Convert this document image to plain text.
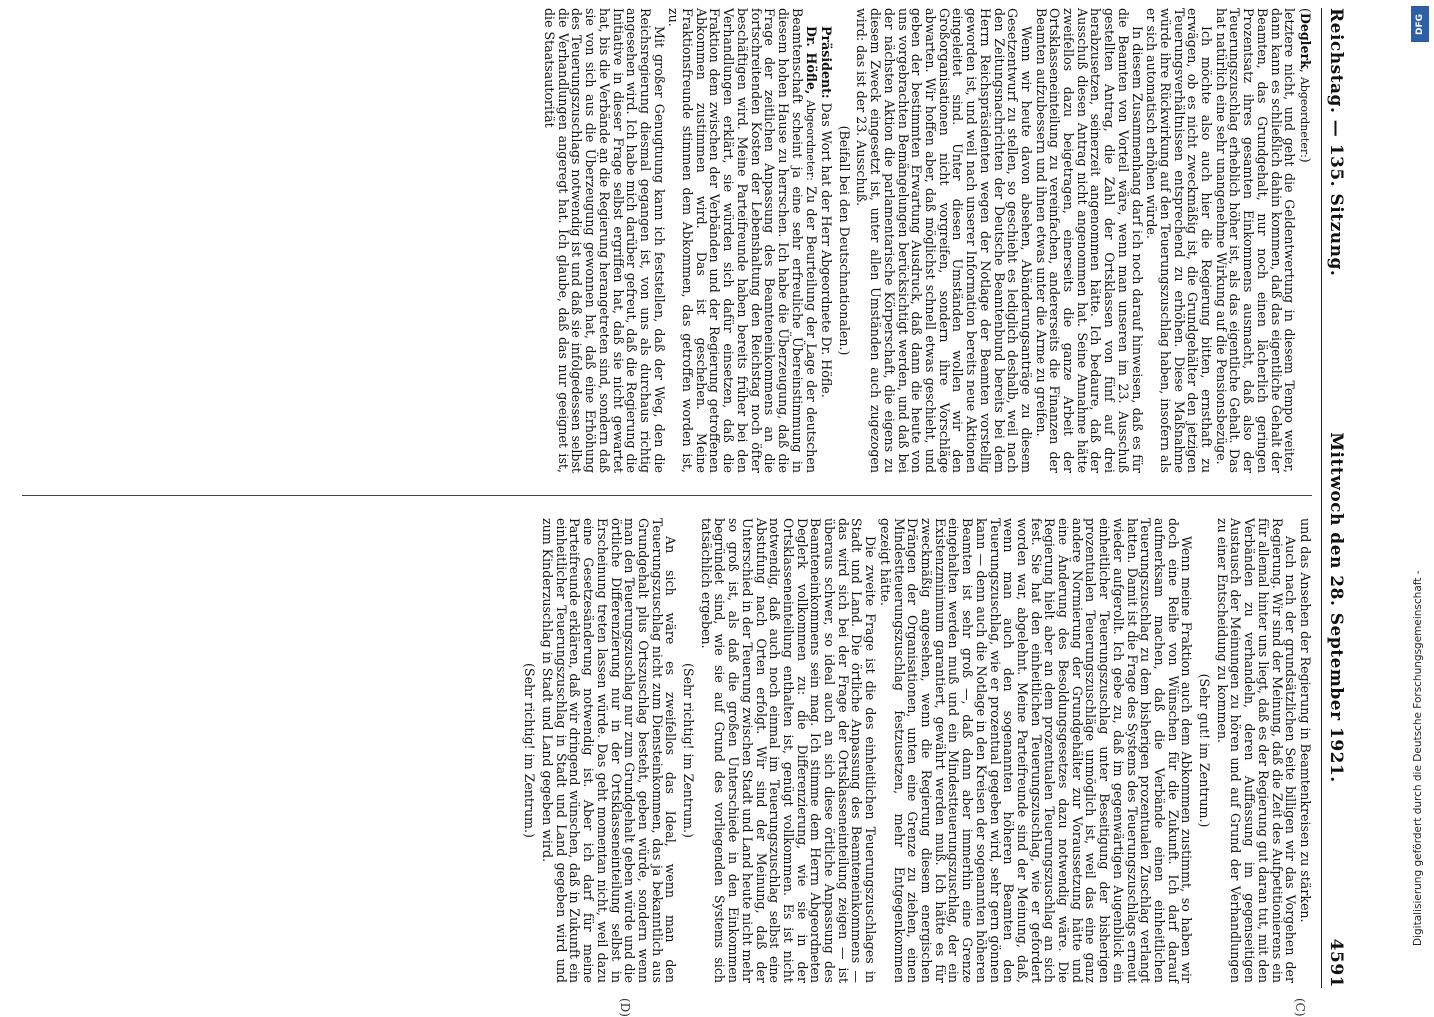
Reichstag. — 135. Sitzung.
Mittwoch den 28. September 1921.
4591

(Deglerk, Abgeordneter:)

letztere nicht, und geht die Geldentwertung in diesem Tempo weiter, dann kann es schließlich dahin kommen, daß das eigentliche Gehalt der Beamten, das Grundgehalt, nur noch einen lächerlich geringen Prozentsatz ihres gesamten Einkommens ausmacht, daß also der Teuerungszuschlag erheblich höher ist, als das eigentliche Gehalt. Das hat natürlich eine sehr unangenehme Wirkung auf die Pensionsbezüge.

Ich möchte also auch hier die Regierung bitten, ernsthaft zu erwägen, ob es nicht zweckmäßig ist, die Grundgehälter den jetzigen Teuerungsverhältnissen entsprechend zu erhöhen. Diese Maßnahme würde ihre Rückwirkung auf den Teuerungszuschlag haben, insofern als er sich automatisch erhöhen würde.

In diesem Zusammenhang darf ich noch darauf hinweisen, daß es für die Beamten von Vorteil wäre, wenn man unseren im 23. Ausschuß gestellten Antrag, die Zahl der Ortsklassen von fünf auf drei herabzusetzen, seinerzeit angenommen hätte. Ich bedaure, daß der Ausschuß diesen Antrag nicht angenommen hat. Seine Annahme hätte zweifellos dazu beigetragen, einerseits die ganze Arbeit der Ortsklasseneinteilung zu vereinfachen, andererseits die Finanzen der Beamten aufzubessern und ihnen etwas unter die Arme zu greifen.

Wenn wir heute davon absehen, Abänderungsanträge zu diesem Gesetzentwurf zu stellen, so geschieht es lediglich deshalb, weil nach den Zeitungsnachrichten der Deutsche Beamtenbund bereits bei dem Herrn Reichspräsidenten wegen der Notlage der Beamten vorstellig geworden ist, und weil nach unserer Information bereits neue Aktionen eingeleitet sind. Unter diesen Umständen wollen wir den Großorganisationen nicht vorgreifen, sondern ihre Vorschläge abwarten. Wir hoffen aber, daß möglichst schnell etwas geschieht, und geben der bestimmten Erwartung Ausdruck, daß dann die heute von uns vorgebrachten Bemängelungen berücksichtigt werden, und daß bei der nächsten Aktion die parlamentarische Körperschaft, die eigens zu diesem Zweck eingesetzt ist, unter allen Umständen auch zugezogen wird: das ist der 23. Ausschuß.

(Beifall bei den Deutschnationalen.)

Präsident: Das Wort hat der Herr Abgeordnete Dr. Höfle.

Dr. Höfle, Abgeordneter: Zu der Beurteilung der Lage der deutschen Beamtenschaft scheint ja eine sehr erfreuliche Übereinstimmung in diesem hohen Hause zu herrschen. Ich habe die Überzeugung, daß die Frage der zeitlichen Anpassung des Beamteneinkommens an die fortschreitenden Kosten der Lebenshaltung den Reichstag noch öfter beschäftigen wird. Meine Parteifreunde haben bereits früher bei den Verhandlungen erklärt, sie würden sich dafür einsetzen, daß die Fraktion dem zwischen der Verbänden und der Regierung getroffenen Abkommen zustimmen wird. Das ist geschehen. Meine Fraktionsfreunde stimmen dem Abkommen, das getroffen worden ist, zu.

Mit großer Genugtuung kann ich feststellen, daß der Weg, den die Reichsregierung diesmal gegangen ist, von uns als durchaus richtig angesehen wird. Ich habe mich darüber gefreut, daß die Regierung die Initiative in dieser Frage selbst ergriffen hat, daß sie nicht gewartet hat, bis die Verbände an die Regierung herangetreten sind, sondern daß sie von sich aus die Überzeugung gewonnen hat, daß eine Erhöhung des Teuerungszuschlags notwendig ist und daß sie infolgedessen selbst die Verhandlungen angeregt hat. Ich glaube, daß das nur geeignet ist, die Staatsautorität

und das Ansehen der Regierung in Beamtenkreisen zu stärken.

Auch nach der grundsätzlichen Seite billigen wir das Vorgehen der Regierung. Wir sind der Meinung, daß die Zeit des Aufpetitionierens ein für allemal hinter uns liegt, daß es der Regierung gut daran tut, mit den Verbänden zu verhandeln, deren Auffassung im gegenseitigen Austausch der Meinungen zu hören und auf Grund der Verhandlungen zu einer Entscheidung zu kommen.

(Sehr gut! im Zentrum.)

Wenn meine Fraktion auch dem Abkommen zustimmt, so haben wir doch eine Reihe von Wünschen für die Zukunft. Ich darf darauf aufmerksam machen, daß die Verbände einen einheitlichen Teuerungszuschlag zu dem bisherigen prozentualen Zuschlag verlangt hatten. Damit ist die Frage des Systems des Teuerungszuschlags erneut wieder aufgerollt. Ich gebe zu, daß im gegenwärtigen Augenblick ein einheitlicher Teuerungszuschlag unter Beseitigung der bisherigen prozentualen Teuerungszuschläge unmöglich ist, weil das eine ganz andere Normierung der Grundgehälter zur Voraussetzung hätte und eine Änderung des Besoldungsgesetzes dazu notwendig wäre. Die Regierung hielt aber an dem prozentualen Teuerungszuschlag an sich fest. Sie hat den einheitlichen Teuerungszuschlag, wie er gefordert worden war, abgelehnt. Meine Parteifreunde sind der Meinung, daß, wenn man auch den sogenannten höheren Beamten den Teuerungszuschlag, wie er prozentual gegeben wird, sehr gern gönnen kann — denn auch die Notlage in den Kreisen der sogenannten höheren Beamten ist sehr groß —, daß dann aber immerhin eine Grenze eingehalten werden muß und ein Mindestteuerungszuschlag, der ein Existenzminimum garantiert, gewährt werden muß. Ich hätte es für zweckmäßig angesehen, wenn die Regierung diesem energischen Drängen der Organisationen, unten eine Grenze zu ziehen, einen Mindestteuerungszuschlag festzusetzen, mehr Entgegenkommen gezeigt hätte.

Die zweite Frage ist die des einheitlichen Teuerungszuschlages in Stadt und Land. Die örtliche Anpassung des Beamteneinkommens — das wird sich bei der Frage der Ortsklasseneinteilung zeigen — ist überaus schwer, so ideal auch an sich diese örtliche Anpassung des Beamteneinkommens sein mag. Ich stimme dem Herrn Abgeordneten Deglerk vollkommen zu: die Differenzierung, wie sie in der Ortsklasseneinteilung enthalten ist, genügt vollkommen. Es ist nicht notwendig, daß auch noch einmal im Teuerungszuschlag selbst eine Abstufung nach Orten erfolgt. Wir sind der Meinung, daß der Unterschied in der Teuerung zwischen Stadt und Land heute nicht mehr so groß ist, als daß die großen Unterschiede in den Einkommen begründet sind, wie sie auf Grund des vorliegenden Systems sich tatsächlich ergeben.

(Sehr richtig! im Zentrum.)

An sich wäre es zweifellos das Ideal, wenn man den Teuerungszuschlag nicht zum Diensteinkommen, das ja bekanntlich aus Grundgehalt plus Ortszuschlag besteht, geben würde, sondern wenn man den Teuerungszuschlag nur zum Grundgehalt geben würde und die örtliche Differenzierung nur in der Ortsklasseneinteilung selbst in Erscheinung treten lassen würde. Das geht momentan nicht, weil dazu eine Gesetzesänderung notwendig ist. Aber ich darf für meine Parteifreunde erklären, daß wir dringend wünschen, daß in Zukunft ein einheitlicher Teuerungszuschlag in Stadt und Land gegeben wird und zum Kinderzuschlag in Stadt und Land gegeben wird.

(Sehr richtig! im Zentrum.)

(C)
(D)
DFG
Digitalisierung gefördert durch die Deutsche Forschungsgemeinschaft -
